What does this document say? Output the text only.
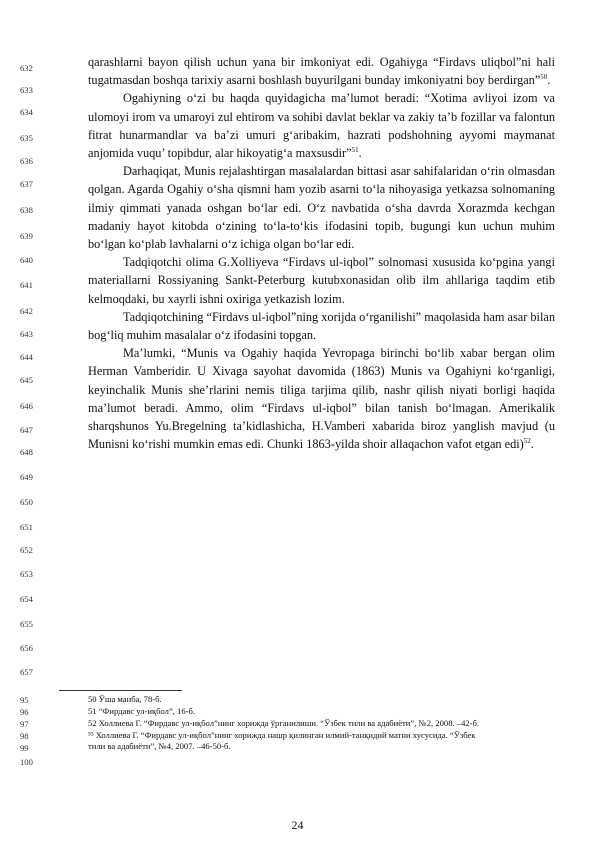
632
633
634
635
636
637
638
639
640
641
642
643
644
645
646
647
648
649
650
651
652
653
654
655
656
657

qarashlarni bayon qilish uchun yana bir imkoniyat edi. Ogahiyga “Firdavs uliqbol”ni hali tugatmasdan boshqa tarixiy asarni boshlash buyurilgani bunday imkoniyatni boy berdirgan”$^{50}$.

Ogahiyning o‘zi bu haqda quyidagicha ma’lumot beradi: “Xotima avliyoi izom va ulomoyi irom va umaroyi zul ehtirom va sohibi davlat beklar va zakiy ta’b fozillar va falontun fitrat hunarmandlar va ba’zi umuri g‘aribakim, hazrati podshohning ayyomi maymanat anjomida vuqu’ topibdur, alar hikoyatig‘a maxsusdir”$^{51}$.

Darhaqiqat, Munis rejalashtirgan masalalardan bittasi asar sahifalaridan o‘rin olmasdan qolgan. Agarda Ogahiy o‘sha qismni ham yozib asarni to‘la nihoyasiga yetkazsa solnomaning ilmiy qimmati yanada oshgan bo‘lar edi. O‘z navbatida o‘sha davrda Xorazmda kechgan madaniy hayot kitobda o‘zining to‘la-to‘kis ifodasini topib, bugungi kun uchun muhim bo‘lgan ko‘plab lavhalarni o‘z ichiga olgan bo‘lar edi.

Tadqiqotchi olima G.Xolliyeva “Firdavs ul-iqbol” solnomasi xususida ko‘pgina yangi materiallarni Rossiyaning Sankt-Peterburg kutubxonasidan olib ilm ahllariga taqdim etib kelmoqdaki, bu xayrli ishni oxiriga yetkazish lozim.

Tadqiqotchining “Firdavs ul-iqbol”ning xorijda o‘rganilishi” maqolasida ham asar bilan bog‘liq muhim masalalar o‘z ifodasini topgan.

Ma’lumki, “Munis va Ogahiy haqida Yevropaga birinchi bo‘lib xabar bergan olim Herman Vamberidir. U Xivaga sayohat davomida (1863) Munis va Ogahiyni ko‘rganligi, keyinchalik Munis she’rlarini nemis tiliga tarjima qilib, nashr qilish niyati borligi haqida ma’lumot beradi. Ammo, olim “Firdavs ul-iqbol” bilan tanish bo‘lmagan. Amerikalik sharqshunos Yu.Bregelning ta’kidlashicha, H.Vamberi xabarida biroz yanglish mavjud (u Munisni ko‘rishi mumkin emas edi. Chunki 1863-yilda shoir allaqachon vafot etgan edi)$^{52}$.

95
96
97
98
99
100
50 Ўша манба, 78-б.
51 “Фирдавс ул-иқбол”, 16-б.
52 Холлиева Г. “Фирдавс ул-иқбол”нинг хорижда ўрганилиши. “Ўзбек тили ва адабиёти”, №2, 2008. –42-б.
⁵³ Холлиева Г. “Фирдавс ул-иқбол”нинг хорижда нашр қилинган илмий-танқидий матни хусусида. “Ўзбек
тили ва адабиёти”, №4, 2007. –46-50-б.
24
